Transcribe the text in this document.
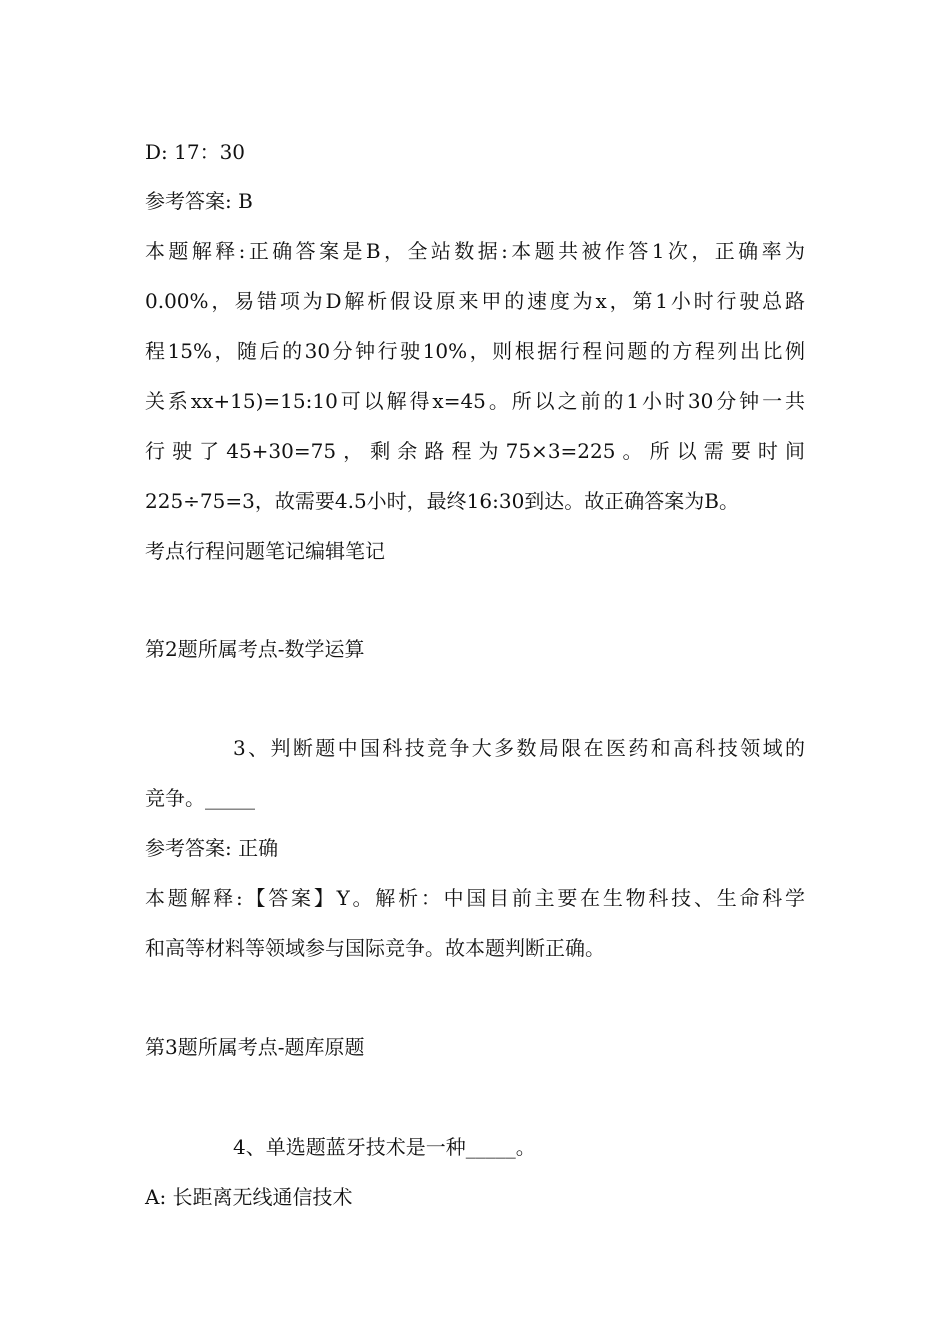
D: 17：30
参考答案: B
本题解释:正确答案是B，全站数据:本题共被作答1次，正确率为
0.00%，易错项为D解析假设原来甲的速度为x，第1小时行驶总路
程15%，随后的30分钟行驶10%，则根据行程问题的方程列出比例
关系xx+15)=15:10可以解得x=45。所以之前的1小时30分钟一共
行驶了45+30=75，剩余路程为75×3=225。所以需要时间
225÷75=3，故需要4.5小时，最终16:30到达。故正确答案为B。
考点行程问题笔记编辑笔记
第2题所属考点-数学运算
3、判断题中国科技竞争大多数局限在医药和高科技领域的
竞争。_____
参考答案: 正确
本题解释:【答案】Y。解析：中国目前主要在生物科技、生命科学
和高等材料等领域参与国际竞争。故本题判断正确。
第3题所属考点-题库原题
4、单选题蓝牙技术是一种_____。
A: 长距离无线通信技术
